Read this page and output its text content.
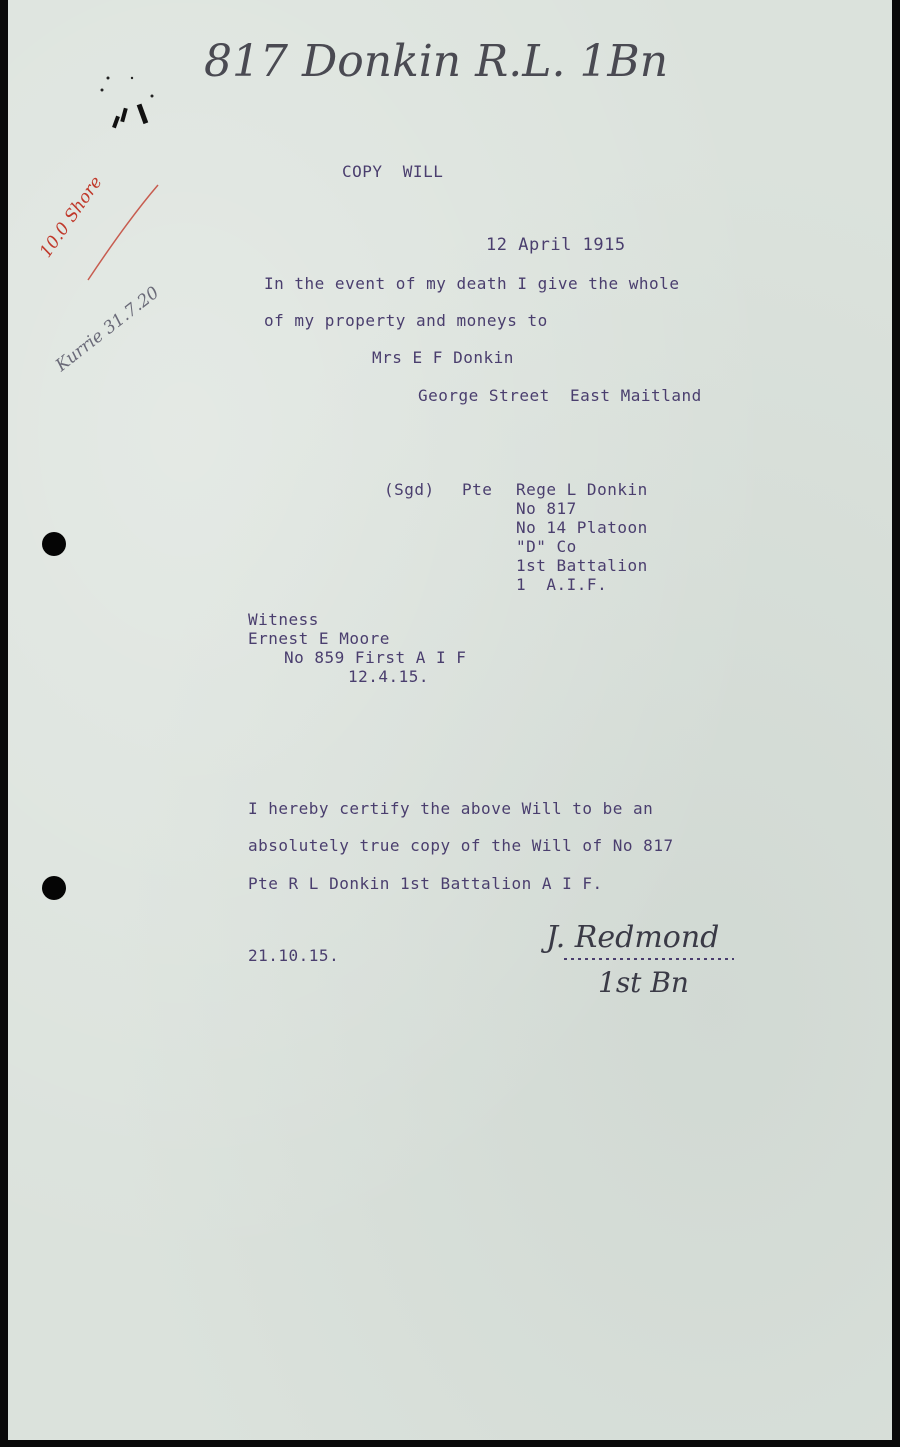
817 Donkin R.L. 1Bn
10.0 Shore
Kurrie 31.7.20
COPY  WILL
12 April 1915
In the event of my death I give the whole
of my property and moneys to
Mrs E F Donkin
George Street  East Maitland
(Sgd) Pte Rege L Donkin
No 817
No 14 Platoon
"D" Co
1st Battalion
1  A.I.F.
Witness
Ernest E Moore
No 859 First A I F
12.4.15.
I hereby certify the above Will to be an
absolutely true copy of the Will of No 817
Pte R L Donkin 1st Battalion A I F.
21.10.15.
J. Redmond
1st Bn
